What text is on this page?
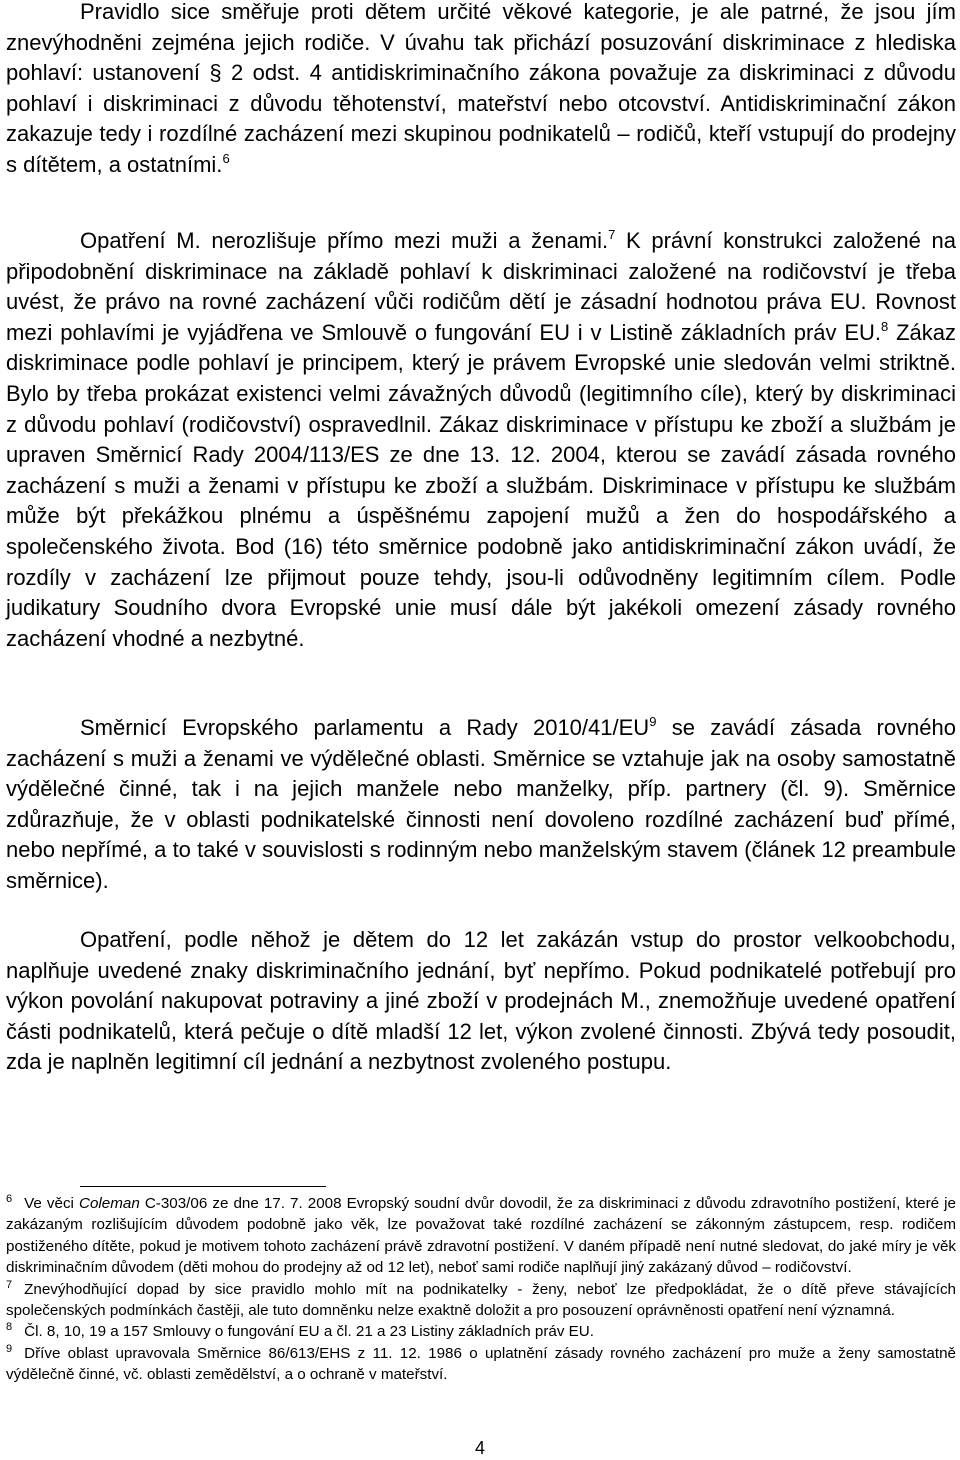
Pravidlo sice směřuje proti dětem určité věkové kategorie, je ale patrné, že jsou jím znevýhodněni zejména jejich rodiče. V úvahu tak přichází posuzování diskriminace z hlediska pohlaví: ustanovení § 2 odst. 4 antidiskriminačního zákona považuje za diskriminaci z důvodu pohlaví i diskriminaci z důvodu těhotenství, mateřství nebo otcovství. Antidiskriminační zákon zakazuje tedy i rozdílné zacházení mezi skupinou podnikatelů – rodičů, kteří vstupují do prodejny s dítětem, a ostatními.$^6$

Opatření M. nerozlišuje přímo mezi muži a ženami.$^7$ K právní konstrukci založené na připodobnění diskriminace na základě pohlaví k diskriminaci založené na rodičovství je třeba uvést, že právo na rovné zacházení vůči rodičům dětí je zásadní hodnotou práva EU. Rovnost mezi pohlavími je vyjádřena ve Smlouvě o fungování EU i v Listině základních práv EU.$^8$ Zákaz diskriminace podle pohlaví je principem, který je právem Evropské unie sledován velmi striktně. Bylo by třeba prokázat existenci velmi závažných důvodů (legitimního cíle), který by diskriminaci z důvodu pohlaví (rodičovství) ospravedlnil. Zákaz diskriminace v přístupu ke zboží a službám je upraven Směrnicí Rady 2004/113/ES ze dne 13. 12. 2004, kterou se zavádí zásada rovného zacházení s muži a ženami v přístupu ke zboží a službám. Diskriminace v přístupu ke službám může být překážkou plnému a úspěšnému zapojení mužů a žen do hospodářského a společenského života. Bod (16) této směrnice podobně jako antidiskriminační zákon uvádí, že rozdíly v zacházení lze přijmout pouze tehdy, jsou-li odůvodněny legitimním cílem. Podle judikatury Soudního dvora Evropské unie musí dále být jakékoli omezení zásady rovného zacházení vhodné a nezbytné.

Směrnicí Evropského parlamentu a Rady 2010/41/EU$^9$ se zavádí zásada rovného zacházení s muži a ženami ve výdělečné oblasti. Směrnice se vztahuje jak na osoby samostatně výdělečné činné, tak i na jejich manžele nebo manželky, příp. partnery (čl. 9). Směrnice zdůrazňuje, že v oblasti podnikatelské činnosti není dovoleno rozdílné zacházení buď přímé, nebo nepřímé, a to také v souvislosti s rodinným nebo manželským stavem (článek 12 preambule směrnice).

Opatření, podle něhož je dětem do 12 let zakázán vstup do prostor velkoobchodu, naplňuje uvedené znaky diskriminačního jednání, byť nepřímo. Pokud podnikatelé potřebují pro výkon povolání nakupovat potraviny a jiné zboží v prodejnách M., znemožňuje uvedené opatření části podnikatelů, která pečuje o dítě mladší 12 let, výkon zvolené činnosti. Zbývá tedy posoudit, zda je naplněn legitimní cíl jednání a nezbytnost zvoleného postupu.

$^6$ Ve věci Coleman C-303/06 ze dne 17. 7. 2008 Evropský soudní dvůr dovodil, že za diskriminaci z důvodu zdravotního postižení, které je zakázaným rozlišujícím důvodem podobně jako věk, lze považovat také rozdílné zacházení se zákonným zástupcem, resp. rodičem postiženého dítěte, pokud je motivem tohoto zacházení právě zdravotní postižení. V daném případě není nutné sledovat, do jaké míry je věk diskriminačním důvodem (děti mohou do prodejny až od 12 let), neboť sami rodiče naplňují jiný zakázaný důvod – rodičovství.

$^7$ Znevýhodňující dopad by sice pravidlo mohlo mít na podnikatelky - ženy, neboť lze předpokládat, že o dítě převe stávajících společenských podmínkách častěji, ale tuto domněnku nelze exaktně doložit a pro posouzení oprávněnosti opatření není významná.

$^8$ Čl. 8, 10, 19 a 157 Smlouvy o fungování EU a čl. 21 a 23 Listiny základních práv EU.

$^9$ Dříve oblast upravovala Směrnice 86/613/EHS z 11. 12. 1986 o uplatnění zásady rovného zacházení pro muže a ženy samostatně výdělečně činné, vč. oblasti zemědělství, a o ochraně v mateřství.

4
